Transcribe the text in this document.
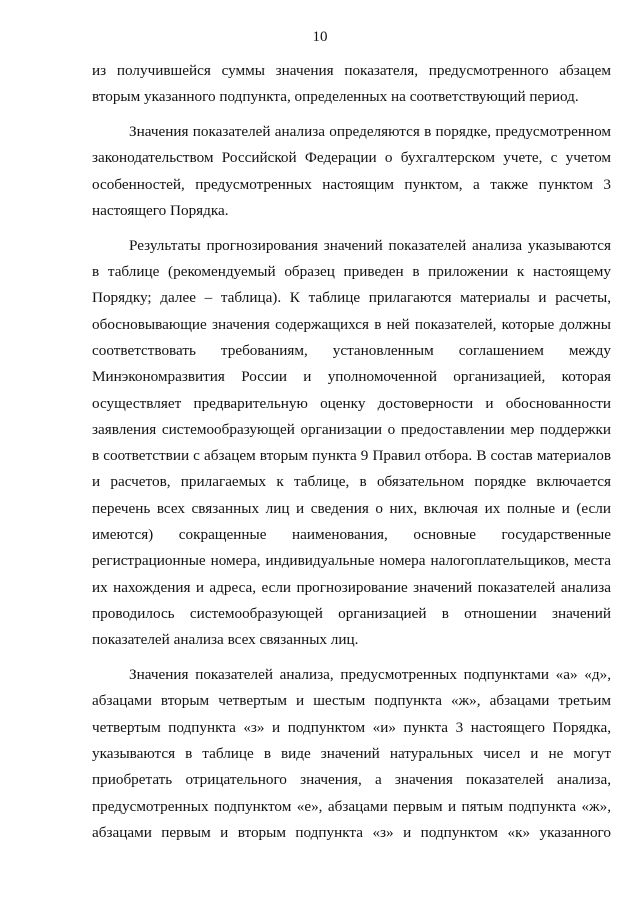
10
из получившейся суммы значения показателя, предусмотренного абзацем
вторым указанного подпункта, определенных на соответствующий период.
Значения показателей анализа определяются в порядке, предусмотренном
законодательством Российской Федерации о бухгалтерском учете, с учетом
особенностей, предусмотренных настоящим пунктом, а также пунктом 3
настоящего Порядка.
Результаты прогнозирования значений показателей анализа указываются
в таблице (рекомендуемый образец приведен в приложении к настоящему
Порядку; далее – таблица). К таблице прилагаются материалы и расчеты,
обосновывающие значения содержащихся в ней показателей, которые должны
соответствовать требованиям, установленным соглашением между
Минэкономразвития России и уполномоченной организацией, которая
осуществляет предварительную оценку достоверности и обоснованности
заявления системообразующей организации о предоставлении мер поддержки
в соответствии с абзацем вторым пункта 9 Правил отбора. В состав материалов
и расчетов, прилагаемых к таблице, в обязательном порядке включается
перечень всех связанных лиц и сведения о них, включая их полные и (если
имеются) сокращенные наименования, основные государственные
регистрационные номера, индивидуальные номера налогоплательщиков, места
их нахождения и адреса, если прогнозирование значений показателей анализа
проводилось системообразующей организацией в отношении значений
показателей анализа всех связанных лиц.
Значения показателей анализа, предусмотренных подпунктами «а» «д»,
абзацами вторым четвертым и шестым подпункта «ж», абзацами третьим
четвертым подпункта «з» и подпунктом «и» пункта 3 настоящего Порядка,
указываются в таблице в виде значений натуральных чисел и не могут
приобретать отрицательного значения, а значения показателей анализа,
предусмотренных подпунктом «е», абзацами первым и пятым подпункта «ж»,
абзацами первым и вторым подпункта «з» и подпунктом «к» указанного
